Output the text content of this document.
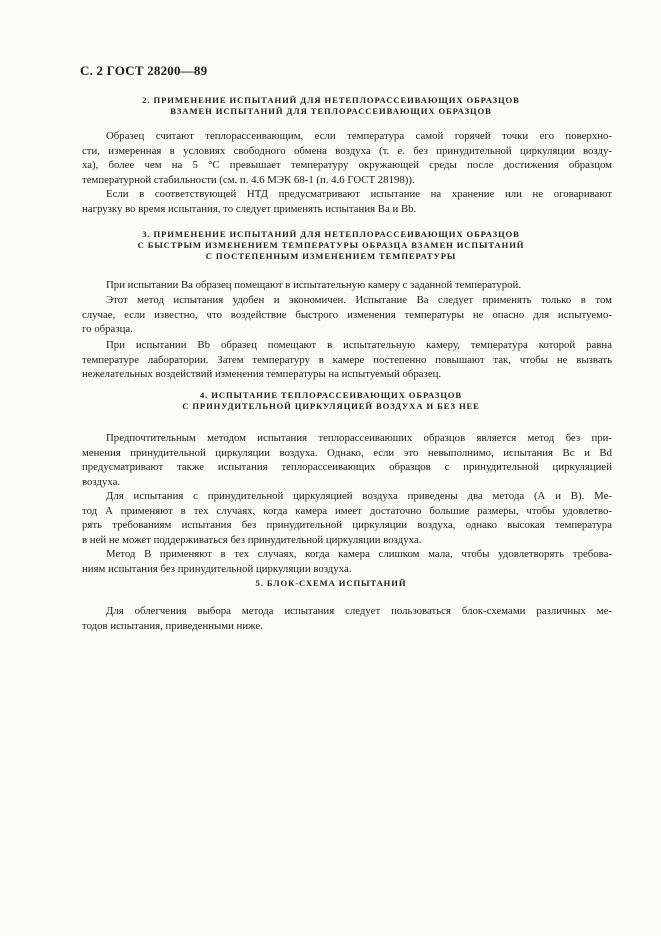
С. 2 ГОСТ 28200—89
2. ПРИМЕНЕНИЕ ИСПЫТАНИЙ ДЛЯ НЕТЕПЛОРАССЕИВАЮЩИХ ОБРАЗЦОВ
ВЗАМЕН ИСПЫТАНИЙ ДЛЯ ТЕПЛОРАССЕИВАЮЩИХ ОБРАЗЦОВ
Образец считают теплорассеивающим, если температура самой горячей точки его поверхно-
сти, измеренная в условиях свободного обмена воздуха (т. е. без принудительной циркуляции возду-
ха), более чем на 5 °С превышает температуру окружающей среды после достижения образцом
температурной стабильности (см. п. 4.6 МЭК 68-1 (п. 4.6 ГОСТ 28198)).
Если в соответствующей НТД предусматривают испытание на хранение или не оговаривают
нагрузку во время испытания, то следует применять испытания Ва и Вb.
3. ПРИМЕНЕНИЕ ИСПЫТАНИЙ ДЛЯ НЕТЕПЛОРАССЕИВАЮЩИХ ОБРАЗЦОВ
С БЫСТРЫМ ИЗМЕНЕНИЕМ ТЕМПЕРАТУРЫ ОБРАЗЦА ВЗАМЕН ИСПЫТАНИЙ
С ПОСТЕПЕННЫМ ИЗМЕНЕНИЕМ ТЕМПЕРАТУРЫ
При испытании Ва образец помещают в испытательную камеру с заданной температурой.
Этот метод испытания удобен и экономичен. Испытание Ва следует применять только в том
случае, если известно, что воздействие быстрого изменения температуры не опасно для испытуемо-
го образца.
При испытании Вb образец помещают в испытательную камеру, температура которой равна
температуре лаборатории. Затем температуру в камере постепенно повышают так, чтобы не вызвать
нежелательных воздействий изменения температуры на испытуемый образец.
4. ИСПЫТАНИЕ ТЕПЛОРАССЕИВАЮЩИХ ОБРАЗЦОВ
С ПРИНУДИТЕЛЬНОЙ ЦИРКУЛЯЦИЕЙ ВОЗДУХА И БЕЗ НЕЕ
Предпочтительным методом испытания теплорассеиваюших образцов является метод без при-
менения принудительной циркуляции воздуха. Однако, если это невыполнимо, испытания Вс и Bd
предусматривают также испытания теплорассеивающих образцов с принудительной циркуляцией
воздуха.
Для испытания с принудительной циркуляцией воздуха приведены два метода (А и В). Ме-
тод А применяют в тех случаях, когда камера имеет достаточно большие размеры, чтобы удовлетво-
рять требованиям испытания без принудительной циркуляции воздуха, однако высокая температура
в ней не может поддерживаться без принудительной циркуляции воздуха.
Метод В применяют в тех случаях, когда камера слишком мала, чтобы удовлетворять требова-
ниям испытания без принудительной циркуляции воздуха.
5. БЛОК-СХЕМА ИСПЫТАНИЙ
Для облегчения выбора метода испытания следует пользоваться блок-схемами различных ме-
тодов испытания, приведенными ниже.
